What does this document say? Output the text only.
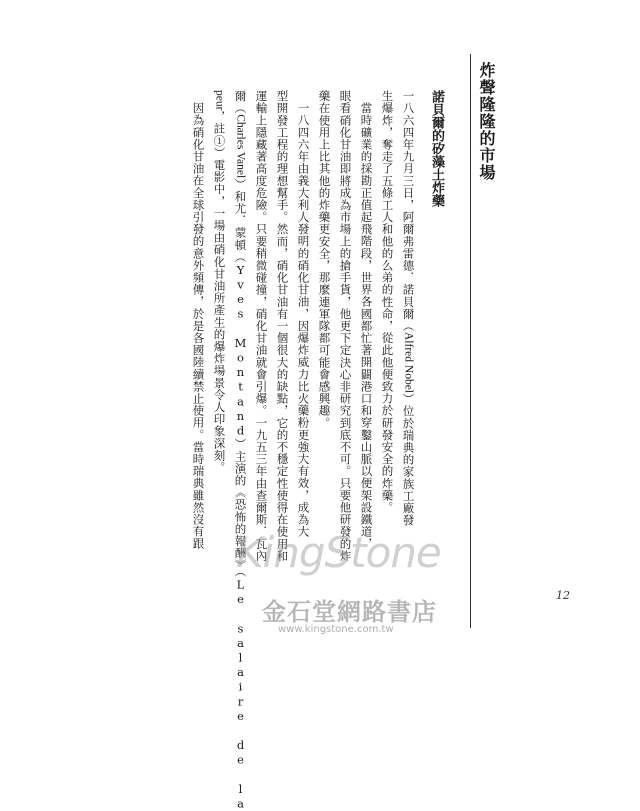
炸聲隆隆的市場
諾貝爾的矽藻土炸藥
一八六四年九月三日，阿爾弗雷德．諾貝爾（Alfred Nobel）位於瑞典的家族工廠發
生爆炸，奪走了五條工人和他的么弟的性命，從此他便致力於研發安全的炸藥。
當時礦業的採勘正值起飛階段，世界各國都忙著開闢港口和穿鑿山脈以便架設鐵道，
眼看硝化甘油即將成為市場上的搶手貨，他更下定決心非研究到底不可。只要他研發的炸
藥在使用上比其他的炸藥更安全，那麼連軍隊都可能會感興趣。
一八四六年由義大利人發明的硝化甘油，因爆炸威力比火藥粉更強大有效，成為大
型開發工程的理想幫手。然而，硝化甘油有一個很大的缺點，它的不穩定性使得在使用和
運輸上隱藏著高度危險。只要稍微碰撞，硝化甘油就會引爆。一九五三年由查爾斯．瓦內
爾（Charles Vanel）和尤．蒙頓（Yves Montand）主演的《恐怖的報酬》（Le salaire de la
peur，註①）電影中，一場由硝化甘油所產生的爆炸場景令人印象深刻。
因為硝化甘油在全球引發的意外頻傳，於是各國陸續禁止使用。當時瑞典雖然沒有跟
KingStone
金石堂網路書店
www.kingstone.com.tw
12
